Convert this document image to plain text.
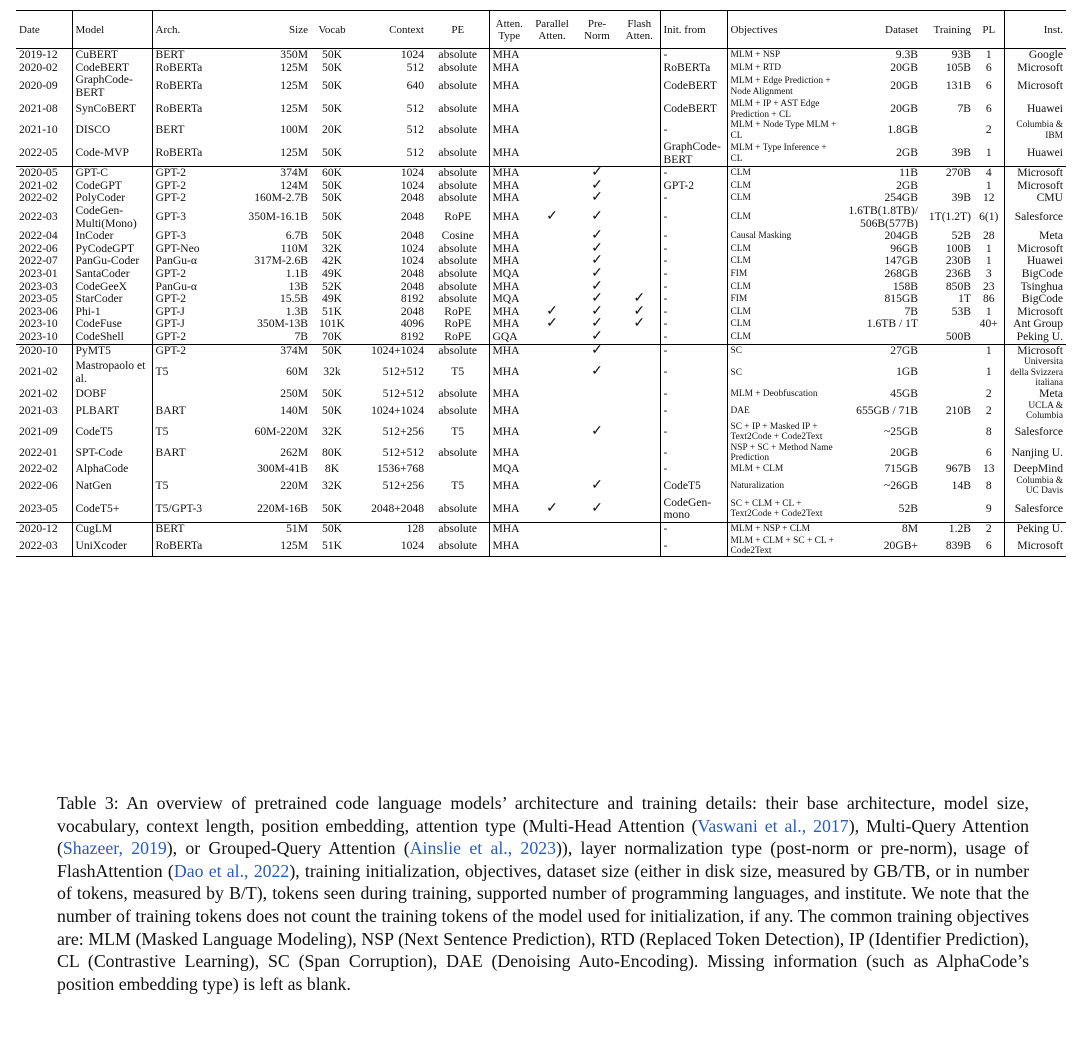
Date	Model	Arch.	Size	Vocab	Context	PE	Atten. Type	Parallel Atten.	Pre- Norm	Flash Atten.	Init. from	Objectives	Dataset	Training	PL	Inst.
2019-12	CuBERT	BERT	350M	50K	1024	absolute	MHA				-	MLM + NSP	9.3B	93B	1	Google
2020-02	CodeBERT	RoBERTa	125M	50K	512	absolute	MHA				RoBERTa	MLM + RTD	20GB	105B	6	Microsoft
2020-09	GraphCode-BERT	RoBERTa	125M	50K	640	absolute	MHA				CodeBERT	MLM + Edge Prediction + Node Alignment	20GB	131B	6	Microsoft
2021-08	SynCoBERT	RoBERTa	125M	50K	512	absolute	MHA				CodeBERT	MLM + IP + AST Edge Prediction + CL	20GB	7B	6	Huawei
2021-10	DISCO	BERT	100M	20K	512	absolute	MHA				-	MLM + Node Type MLM + CL	1.8GB		2	Columbia & IBM
2022-05	Code-MVP	RoBERTa	125M	50K	512	absolute	MHA				GraphCode-BERT	MLM + Type Inference + CL	2GB	39B	1	Huawei
2020-05	GPT-C	GPT-2	374M	60K	1024	absolute	MHA		✓		-	CLM	11B	270B	4	Microsoft
2021-02	CodeGPT	GPT-2	124M	50K	1024	absolute	MHA		✓		GPT-2	CLM	2GB		1	Microsoft
2022-02	PolyCoder	GPT-2	160M-2.7B	50K	2048	absolute	MHA		✓		-	CLM	254GB	39B	12	CMU
2022-03	CodeGen-Multi(Mono)	GPT-3	350M-16.1B	50K	2048	RoPE	MHA	✓	✓		-	CLM	1.6TB(1.8TB)/ 506B(577B)	1T(1.2T)	6(1)	Salesforce
2022-04	InCoder	GPT-3	6.7B	50K	2048	Cosine	MHA		✓		-	Causal Masking	204GB	52B	28	Meta
2022-06	PyCodeGPT	GPT-Neo	110M	32K	1024	absolute	MHA		✓		-	CLM	96GB	100B	1	Microsoft
2022-07	PanGu-Coder	PanGu-α	317M-2.6B	42K	1024	absolute	MHA		✓		-	CLM	147GB	230B	1	Huawei
2023-01	SantaCoder	GPT-2	1.1B	49K	2048	absolute	MQA		✓		-	FIM	268GB	236B	3	BigCode
2023-03	CodeGeeX	PanGu-α	13B	52K	2048	absolute	MHA		✓		-	CLM	158B	850B	23	Tsinghua
2023-05	StarCoder	GPT-2	15.5B	49K	8192	absolute	MQA		✓	✓	-	FIM	815GB	1T	86	BigCode
2023-06	Phi-1	GPT-J	1.3B	51K	2048	RoPE	MHA	✓	✓	✓	-	CLM	7B	53B	1	Microsoft
2023-10	CodeFuse	GPT-J	350M-13B	101K	4096	RoPE	MHA	✓	✓	✓	-	CLM	1.6TB / 1T		40+	Ant Group
2023-10	CodeShell	GPT-2	7B	70K	8192	RoPE	GQA		✓		-	CLM		500B		Peking U.
2020-10	PyMT5	GPT-2	374M	50K	1024+1024	absolute	MHA		✓		-	SC	27GB		1	Microsoft
2021-02	Mastropaolo et al.	T5	60M	32k	512+512	T5	MHA		✓		-	SC	1GB		1	Universita della Svizzera italiana
2021-02	DOBF		250M	50K	512+512	absolute	MHA				-	MLM + Deobfuscation	45GB		2	Meta
2021-03	PLBART	BART	140M	50K	1024+1024	absolute	MHA				-	DAE	655GB / 71B	210B	2	UCLA & Columbia
2021-09	CodeT5	T5	60M-220M	32K	512+256	T5	MHA		✓		-	SC + IP + Masked IP + Text2Code + Code2Text	~25GB		8	Salesforce
2022-01	SPT-Code	BART	262M	80K	512+512	absolute	MHA				-	NSP + SC + Method Name Prediction	20GB		6	Nanjing U.
2022-02	AlphaCode		300M-41B	8K	1536+768		MQA				-	MLM + CLM	715GB	967B	13	DeepMind
2022-06	NatGen	T5	220M	32K	512+256	T5	MHA		✓		CodeT5	Naturalization	~26GB	14B	8	Columbia & UC Davis
2023-05	CodeT5+	T5/GPT-3	220M-16B	50K	2048+2048	absolute	MHA	✓	✓		CodeGen-mono	SC + CLM + CL + Text2Code + Code2Text	52B		9	Salesforce
2020-12	CugLM	BERT	51M	50K	128	absolute	MHA				-	MLM + NSP + CLM	8M	1.2B	2	Peking U.
2022-03	UniXcoder	RoBERTa	125M	51K	1024	absolute	MHA				-	MLM + CLM + SC + CL + Code2Text	20GB+	839B	6	Microsoft
Table 3: An overview of pretrained code language models’ architecture and training details: their base architecture, model size, vocabulary, context length, position embedding, attention type (Multi-Head Attention (Vaswani et al., 2017), Multi-Query Attention (Shazeer, 2019), or Grouped-Query Attention (Ainslie et al., 2023)), layer normalization type (post-norm or pre-norm), usage of FlashAttention (Dao et al., 2022), training initialization, objectives, dataset size (either in disk size, measured by GB/TB, or in number of tokens, measured by B/T), tokens seen during training, supported number of programming languages, and institute. We note that the number of training tokens does not count the training tokens of the model used for initialization, if any. The common training objectives are: MLM (Masked Language Modeling), NSP (Next Sentence Prediction), RTD (Replaced Token Detection), IP (Identifier Prediction), CL (Contrastive Learning), SC (Span Corruption), DAE (Denoising Auto-Encoding). Missing information (such as AlphaCode’s position embedding type) is left as blank.
